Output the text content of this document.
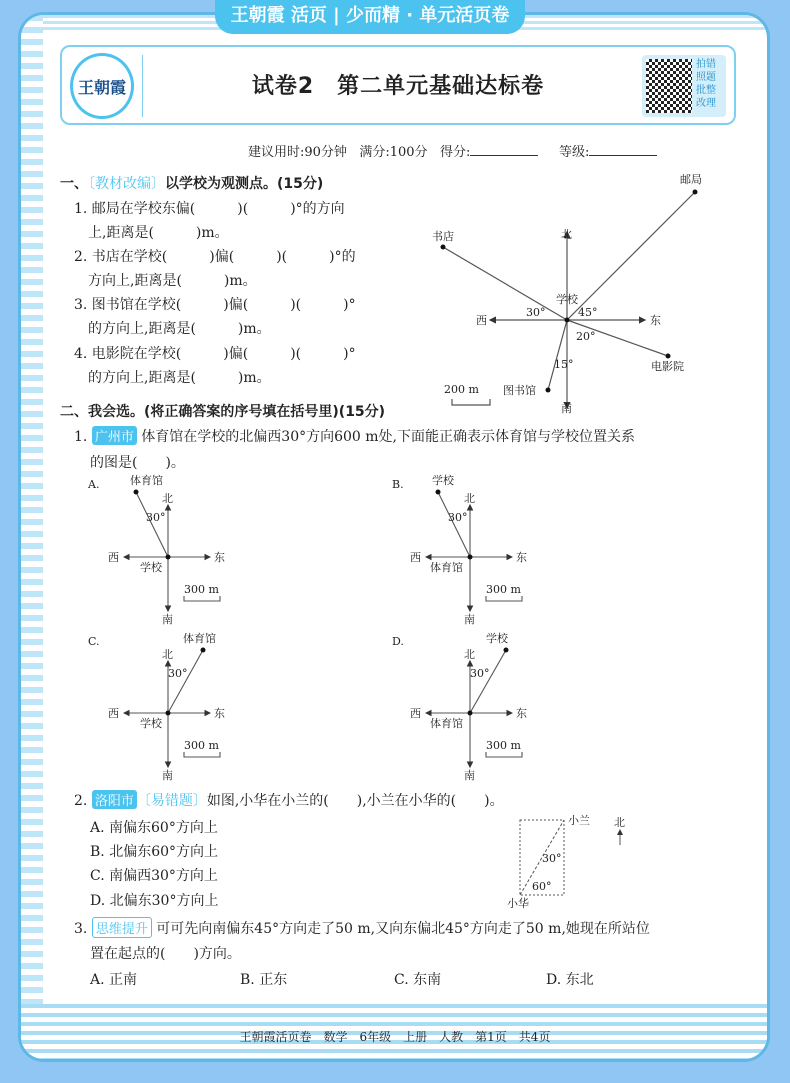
王朝霞 活页 | 少而精 · 单元活页卷
王朝霞	试卷2　第二单元基础达标卷
拍错
照题
批整
改理
建议用时:90分钟 满分:100分 得分:	等级:
一、〔教材改编〕以学校为观测点。(15分)
1. 邮局在学校东偏(　　　)(　　　)°的方向
上,距离是(　　　)m。
2. 书店在学校(　　　)偏(　　　)(　　　)°的
方向上,距离是(　　　)m。
3. 图书馆在学校(　　　)偏(　　　)(　　　)°
的方向上,距离是(　　　)m。
4. 电影院在学校(　　　)偏(　　　)(　　　)°
的方向上,距离是(　　　)m。
二、我会选。(将正确答案的序号填在括号里)(15分)
1. 广州市 体育馆在学校的北偏西30°方向600 m处,下面能正确表示体育馆与学校位置关系
的图是(　　)。
2. 洛阳市 〔易错题〕如图,小华在小兰的(　　),小兰在小华的(　　)。
A. 南偏东60°方向上
B. 北偏东60°方向上
C. 南偏西30°方向上
D. 北偏东30°方向上
3. 思维提升 可可先向南偏东45°方向走了50 m,又向东偏北45°方向走了50 m,她现在所站位
置在起点的(　　)方向。
A. 正南	B. 正东	C. 东南	D. 东北
王朝霞活页卷　数学　6年级　上册　人教　第1页　共4页
北
南
西	东
学校
邮局
书店
电影院
图书馆
30°	45°
20°
15°
200 m
A.	体育馆
北
南
西	东
学校
30°
300 m
B.	学校
北
南
西	东
体育馆
30°
300 m
C.	体育馆
北
南
西	东
学校
30°
300 m
D.	学校
北
南
西	东
体育馆
30°
300 m
小兰
小华
北
30°
60°
